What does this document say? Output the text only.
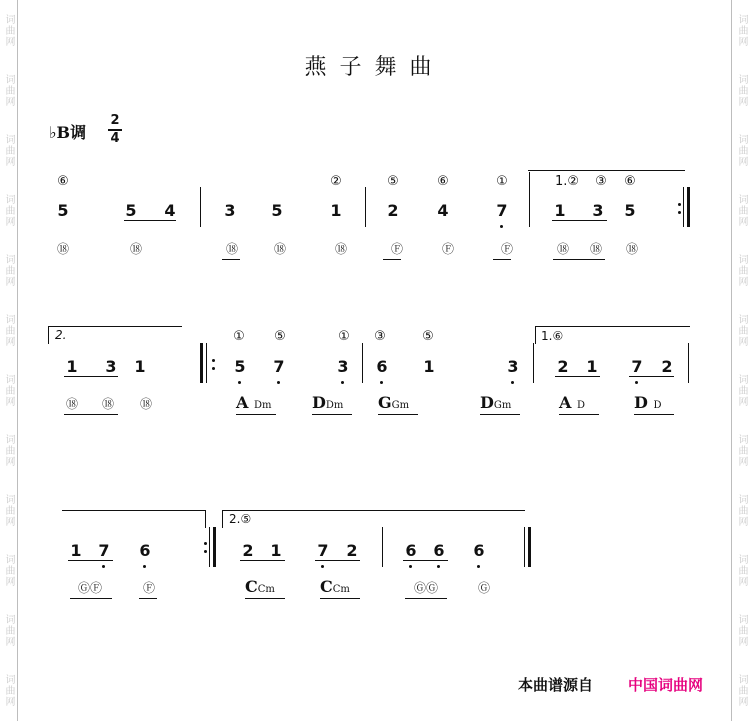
词曲网
词曲网
词曲网
词曲网
词曲网
词曲网
词曲网
词曲网
词曲网
词曲网
词曲网
词曲网
词曲网
词曲网
词曲网
词曲网
词曲网
词曲网
词曲网
词曲网
词曲网
词曲网
词曲网
词曲网
燕子舞曲
♭B调
2
4
⑥	②	⑤	⑥	①	1.② ③ ⑥
5	5 4	3 5	1	2 4	7	1 3 5
⑱	⑱	⑱	⑱	⑱	Ⓕ	Ⓕ	Ⓕ	⑱ ⑱ ⑱
2.	1.⑥
① ⑤	① ③	⑤
1 3 1	5 7	3 6 1	3 2 1 7 2
⑱ ⑱ ⑱	A Dm	DDm GGm	DGm	A D	D D
2.⑤
1 7 6	2 1 7 2	6 6 6
ⒼⒻ	Ⓕ	CCm	CCm	ⒼⒼ	Ⓖ
本曲谱源自 中国词曲网
